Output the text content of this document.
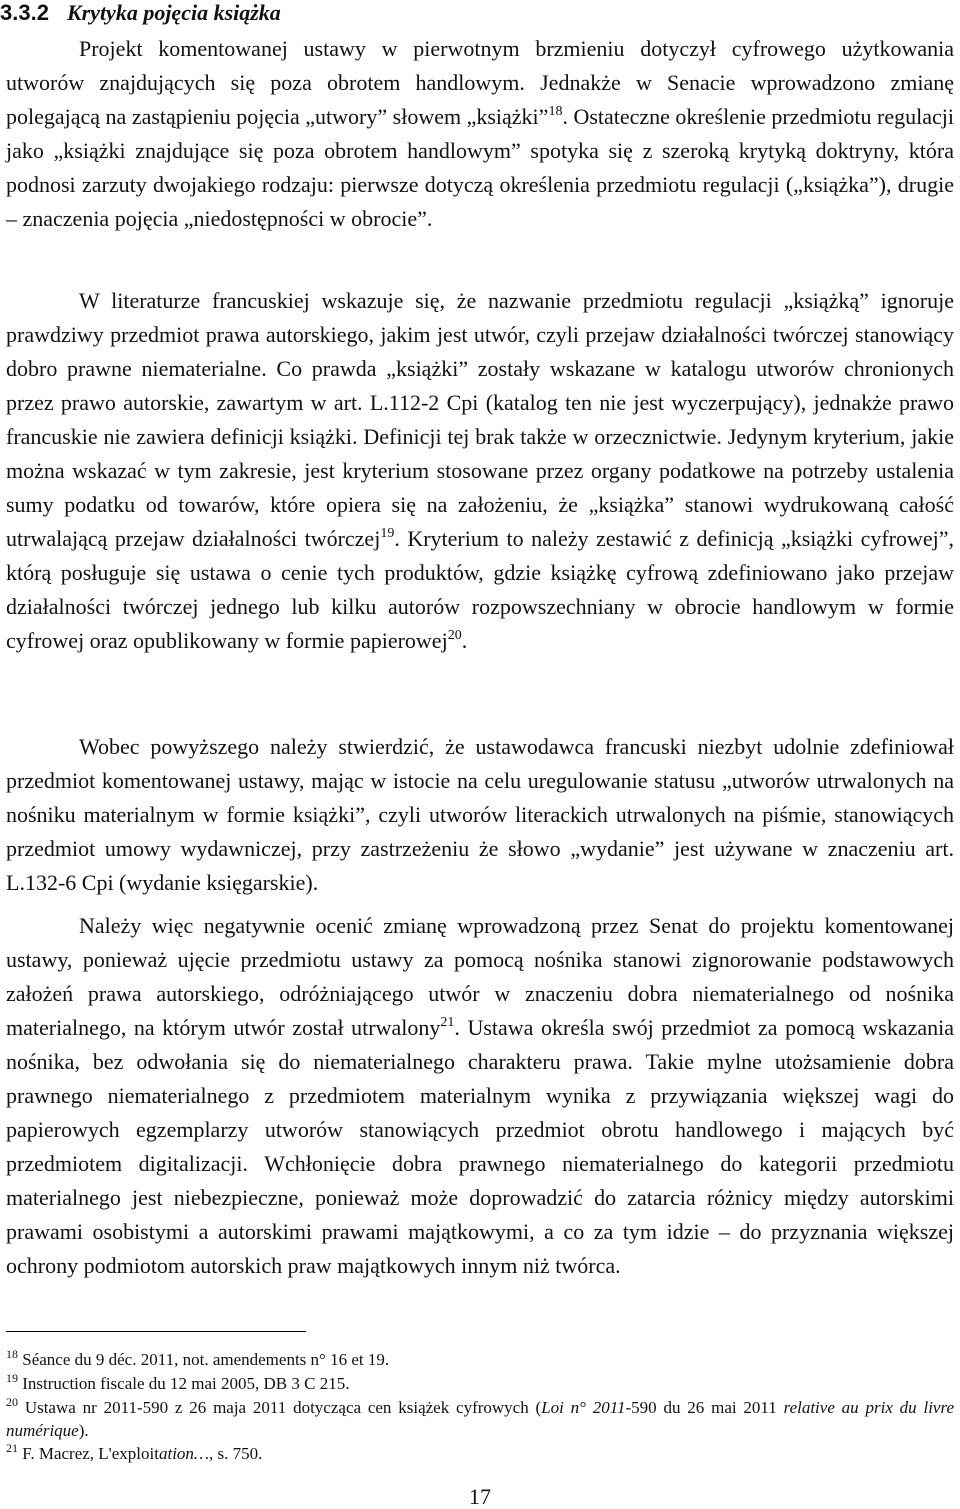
3.3.2 Krytyka pojęcia książka

Projekt komentowanej ustawy w pierwotnym brzmieniu dotyczył cyfrowego użytkowania utworów znajdujących się poza obrotem handlowym. Jednakże w Senacie wprowadzono zmianę polegającą na zastąpieniu pojęcia „utwory” słowem „książki”$^{18}$. Ostateczne określenie przedmiotu regulacji jako „książki znajdujące się poza obrotem handlowym” spotyka się z szeroką krytyką doktryny, która podnosi zarzuty dwojakiego rodzaju: pierwsze dotyczą określenia przedmiotu regulacji („książka”), drugie – znaczenia pojęcia „niedostępności w obrocie”.

W literaturze francuskiej wskazuje się, że nazwanie przedmiotu regulacji „książką” ignoruje prawdziwy przedmiot prawa autorskiego, jakim jest utwór, czyli przejaw działalności twórczej stanowiący dobro prawne niematerialne. Co prawda „książki” zostały wskazane w katalogu utworów chronionych przez prawo autorskie, zawartym w art. L.112-2 Cpi (katalog ten nie jest wyczerpujący), jednakże prawo francuskie nie zawiera definicji książki. Definicji tej brak także w orzecznictwie. Jedynym kryterium, jakie można wskazać w tym zakresie, jest kryterium stosowane przez organy podatkowe na potrzeby ustalenia sumy podatku od towarów, które opiera się na założeniu, że „książka” stanowi wydrukowaną całość utrwalającą przejaw działalności twórczej$^{19}$. Kryterium to należy zestawić z definicją „książki cyfrowej”, którą posługuje się ustawa o cenie tych produktów, gdzie książkę cyfrową zdefiniowano jako przejaw działalności twórczej jednego lub kilku autorów rozpowszechniany w obrocie handlowym w formie cyfrowej oraz opublikowany w formie papierowej$^{20}$.

Wobec powyższego należy stwierdzić, że ustawodawca francuski niezbyt udolnie zdefiniował przedmiot komentowanej ustawy, mając w istocie na celu uregulowanie statusu „utworów utrwalonych na nośniku materialnym w formie książki”, czyli utworów literackich utrwalonych na piśmie, stanowiących przedmiot umowy wydawniczej, przy zastrzeżeniu że słowo „wydanie” jest używane w znaczeniu art. L.132-6 Cpi (wydanie księgarskie).

Należy więc negatywnie ocenić zmianę wprowadzoną przez Senat do projektu komentowanej ustawy, ponieważ ujęcie przedmiotu ustawy za pomocą nośnika stanowi zignorowanie podstawowych założeń prawa autorskiego, odróżniającego utwór w znaczeniu dobra niematerialnego od nośnika materialnego, na którym utwór został utrwalony$^{21}$. Ustawa określa swój przedmiot za pomocą wskazania nośnika, bez odwołania się do niematerialnego charakteru prawa. Takie mylne utożsamienie dobra prawnego niematerialnego z przedmiotem materialnym wynika z przywiązania większej wagi do papierowych egzemplarzy utworów stanowiących przedmiot obrotu handlowego i mających być przedmiotem digitalizacji. Wchłonięcie dobra prawnego niematerialnego do kategorii przedmiotu materialnego jest niebezpieczne, ponieważ może doprowadzić do zatarcia różnicy między autorskimi prawami osobistymi a autorskimi prawami majątkowymi, a co za tym idzie – do przyznania większej ochrony podmiotom autorskich praw majątkowych innym niż twórca.

$^{18}$ Séance du 9 déc. 2011, not. amendements n° 16 et 19.

$^{19}$ Instruction fiscale du 12 mai 2005, DB 3 C 215.

$^{20}$ Ustawa nr 2011-590 z 26 maja 2011 dotycząca cen książek cyfrowych (Loi n° 2011-590 du 26 mai 2011 relative au prix du livre numérique).

$^{21}$ F. Macrez, L'exploitation…, s. 750.

17
